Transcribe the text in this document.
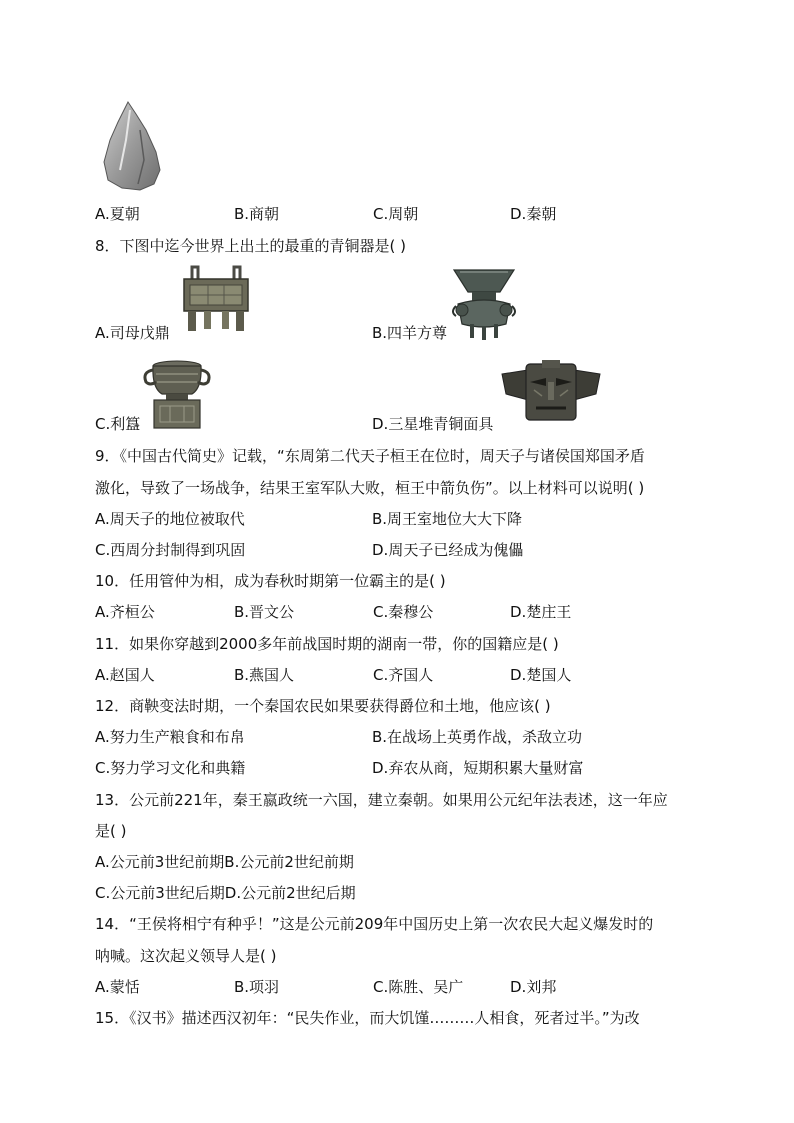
A.夏朝	B.商朝	C.周朝	D.秦朝
8．下图中迄今世界上出土的最重的青铜器是( )
A.司母戊鼎	B.四羊方尊
C.利簋	D.三星堆青铜面具
9．《中国古代简史》记载，“东周第二代天子桓王在位时，周天子与诸侯国郑国矛盾
激化，导致了一场战争，结果王室军队大败，桓王中箭负伤”。以上材料可以说明( )
A.周天子的地位被取代	B.周王室地位大大下降
C.西周分封制得到巩固	D.周天子已经成为傀儡
10．任用管仲为相，成为春秋时期第一位霸主的是( )
A.齐桓公	B.晋文公	C.秦穆公	D.楚庄王
11．如果你穿越到2000多年前战国时期的湖南一带，你的国籍应是( )
A.赵国人	B.燕国人	C.齐国人	D.楚国人
12．商鞅变法时期，一个秦国农民如果要获得爵位和土地，他应该( )
A.努力生产粮食和布帛	B.在战场上英勇作战，杀敌立功
C.努力学习文化和典籍	D.弃农从商，短期积累大量财富
13．公元前221年，秦王嬴政统一六国，建立秦朝。如果用公元纪年法表述，这一年应
是( )
A.公元前3世纪前期B.公元前2世纪前期
C.公元前3世纪后期D.公元前2世纪后期
14．“王侯将相宁有种乎！”这是公元前209年中国历史上第一次农民大起义爆发时的
呐喊。这次起义领导人是( )
A.蒙恬	B.项羽	C.陈胜、吴广	D.刘邦
15．《汉书》描述西汉初年：“民失作业，而大饥馑………人相食，死者过半。”为改
